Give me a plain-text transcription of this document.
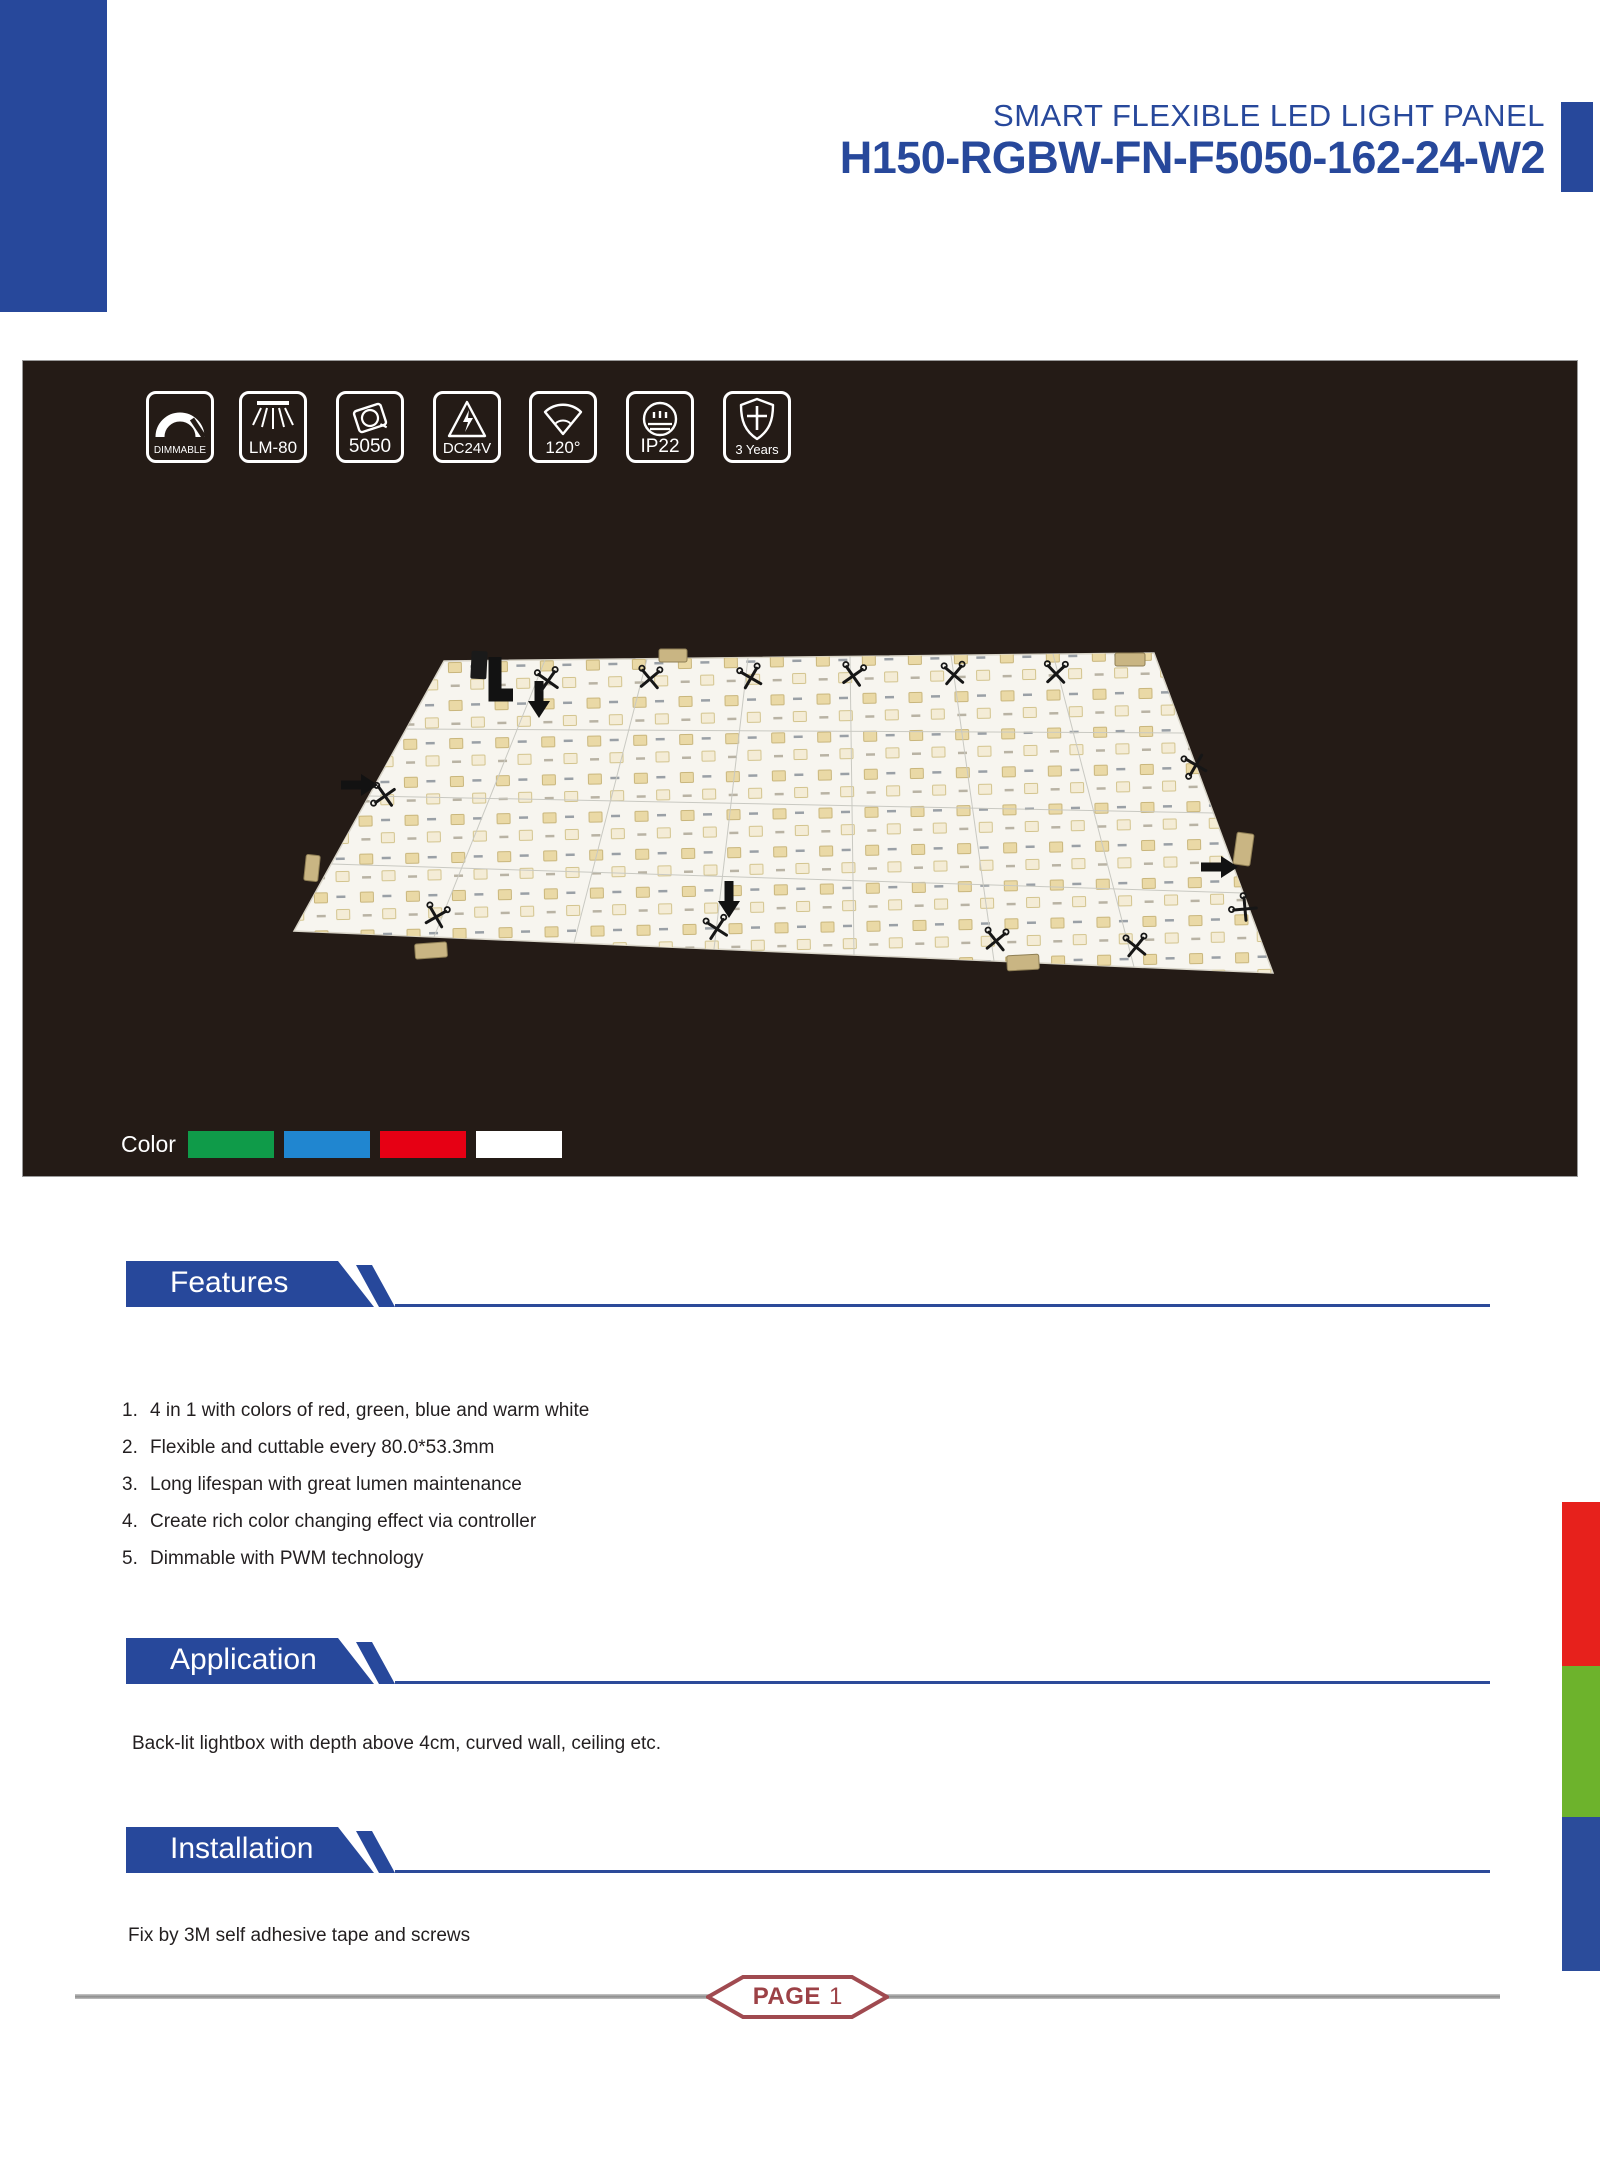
SMART FLEXIBLE LED LIGHT PANEL
H150-RGBW-FN-F5050-162-24-W2
DIMMABLE	LM-80	5050	DC24V	120°	IP22	3 Years
Color
Features
1. 4 in 1 with colors of red, green, blue and warm white
2. Flexible and cuttable every 80.0*53.3mm
3. Long lifespan with great lumen maintenance
4. Create rich color changing effect via controller
5. Dimmable with PWM technology
Application
Back-lit lightbox with depth above 4cm, curved wall, ceiling etc.
Installation
Fix by 3M self adhesive tape and screws
PAGE 1
